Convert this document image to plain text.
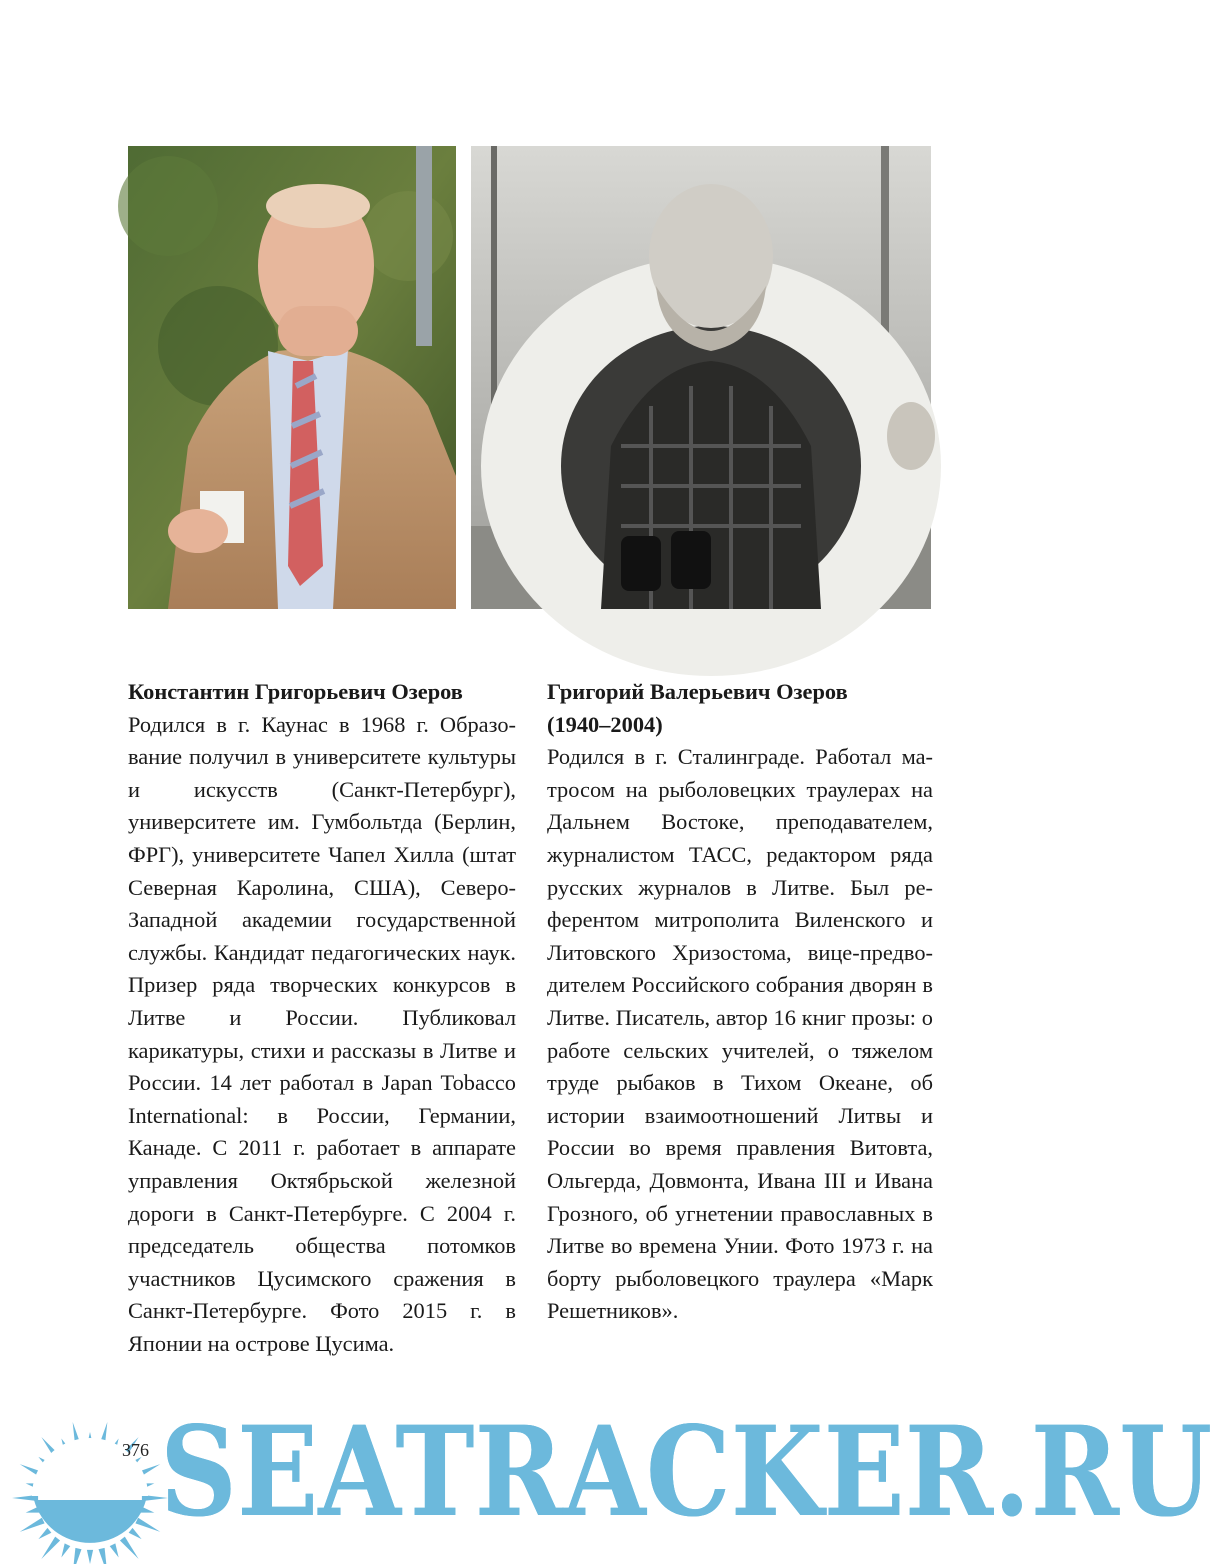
Константин Григорьевич Озеров

Родился в г. Каунас в 1968 г. Образование получил в университете культуры и искусств (Санкт-Петербург), университете им. Гумбольтда (Берлин, ФРГ), университете Чапел Хилла (штат Северная Каролина, США), Северо-Западной академии государственной службы. Кандидат педагогических наук. Призер ряда творческих конкурсов в Литве и России. Публиковал карикатуры, стихи и рассказы в Литве и России. 14 лет работал в Japan Tobacco International: в России, Германии, Канаде. С 2011 г. работает в аппарате управления Октябрьской железной дороги в Санкт-Петербурге. С 2004 г. председатель общества потомков участников Цусимского сражения в Санкт-Петербурге. Фото 2015 г. в Японии на острове Цусима.

Григорий Валерьевич Озеров

(1940–2004)

Родился в г. Сталинграде. Работал матросом на рыболовецких траулерах на Дальнем Востоке, преподавателем, журналистом ТАСС, редактором ряда русских журналов в Литве. Был референтом митрополита Виленского и Литовского Хризостома, вице-предводителем Российского собрания дворян в Литве. Писатель, автор 16 книг прозы: о работе сельских учителей, о тяжелом труде рыбаков в Тихом Океане, об истории взаимоотношений Литвы и России во время правления Витовта, Ольгерда, Довмонта, Ивана III и Ивана Грозного, об угнетении православных в Литве во времена Унии. Фото 1973 г. на борту рыболовецкого траулера «Марк Решетников».

376 SEATRACKER.RU
